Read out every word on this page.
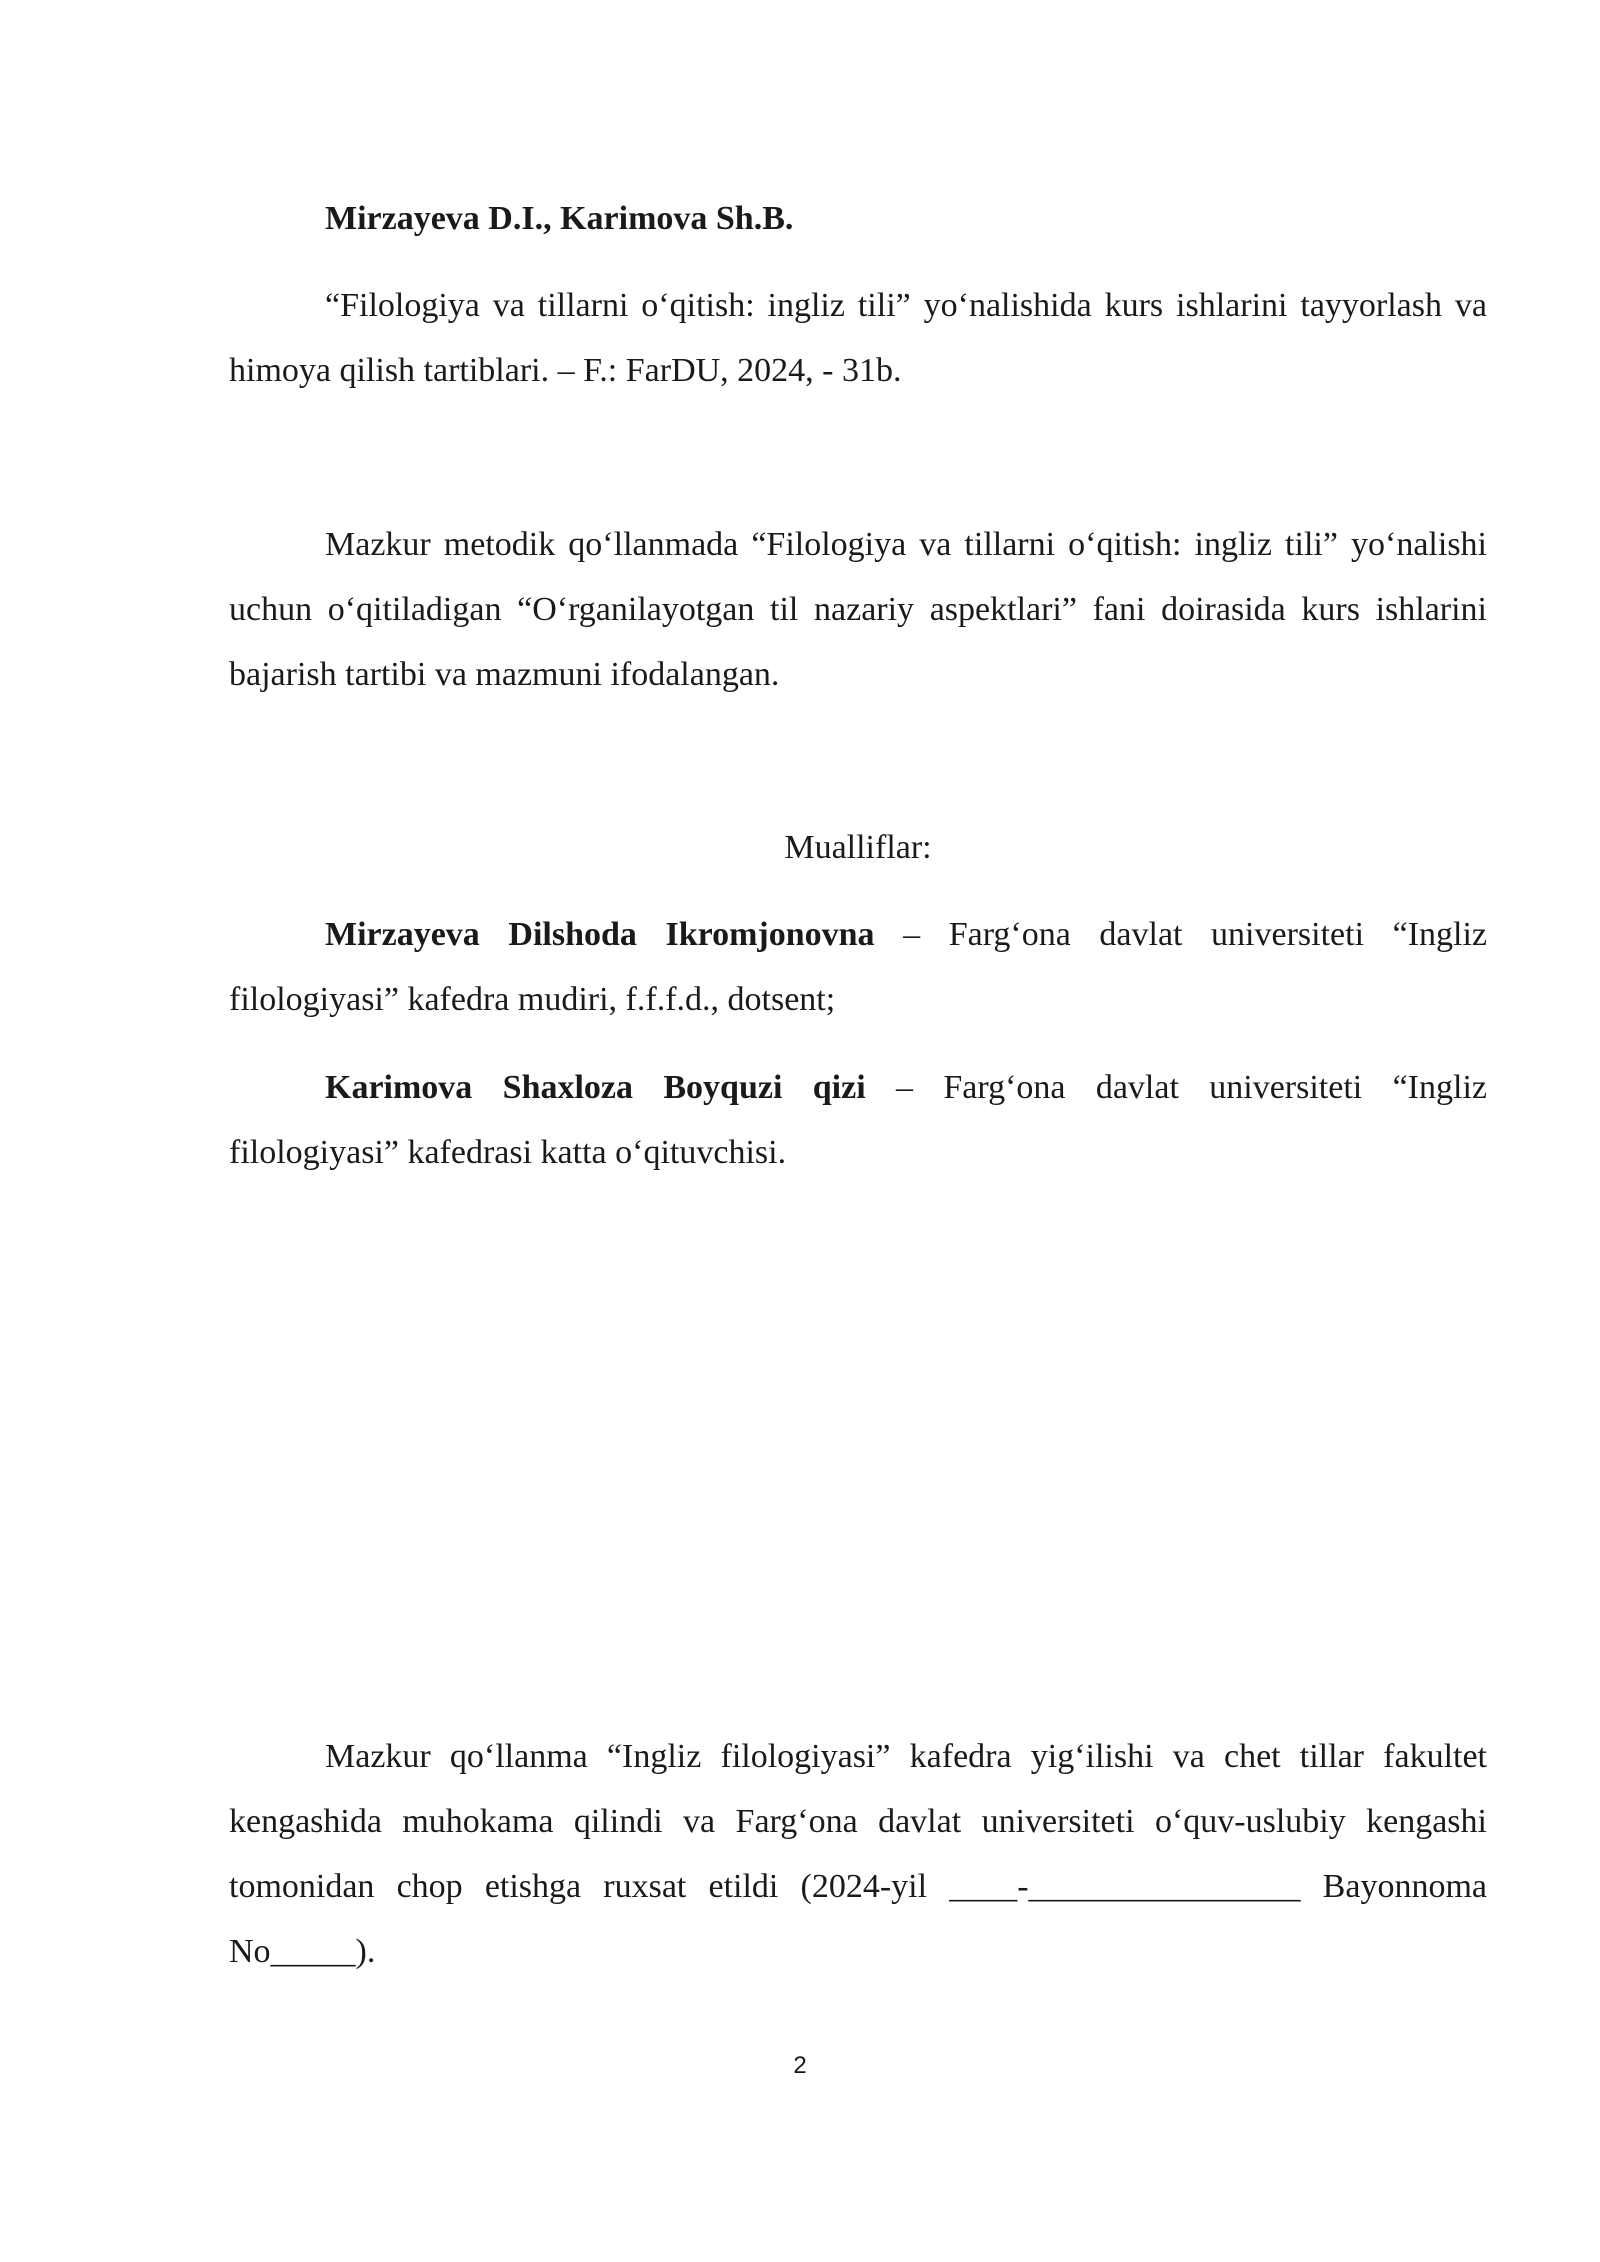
Mirzayeva D.I., Karimova Sh.B.
“Filologiya va tillarni o‘qitish: ingliz tili” yo‘nalishida kurs ishlarini tayyorlash va himoya qilish tartiblari. – F.: FarDU, 2024, - 31b.
Mazkur metodik qo‘llanmada “Filologiya va tillarni o‘qitish: ingliz tili” yo‘nalishi uchun o‘qitiladigan “O‘rganilayotgan til nazariy aspektlari” fani doirasida kurs ishlarini bajarish tartibi va mazmuni ifodalangan.
Mualliflar:
Mirzayeva Dilshoda Ikromjonovna – Farg‘ona davlat universiteti “Ingliz filologiyasi” kafedra mudiri, f.f.f.d., dotsent;
Karimova Shaxloza Boyquzi qizi – Farg‘ona davlat universiteti “Ingliz filologiyasi” kafedrasi katta o‘qituvchisi.
Mazkur qo‘llanma “Ingliz filologiyasi” kafedra yig‘ilishi va chet tillar fakultet kengashida muhokama qilindi va Farg‘ona davlat universiteti o‘quv-uslubiy kengashi tomonidan chop etishga ruxsat etildi (2024-yil ____-________________ Bayonnoma No_____).
2
